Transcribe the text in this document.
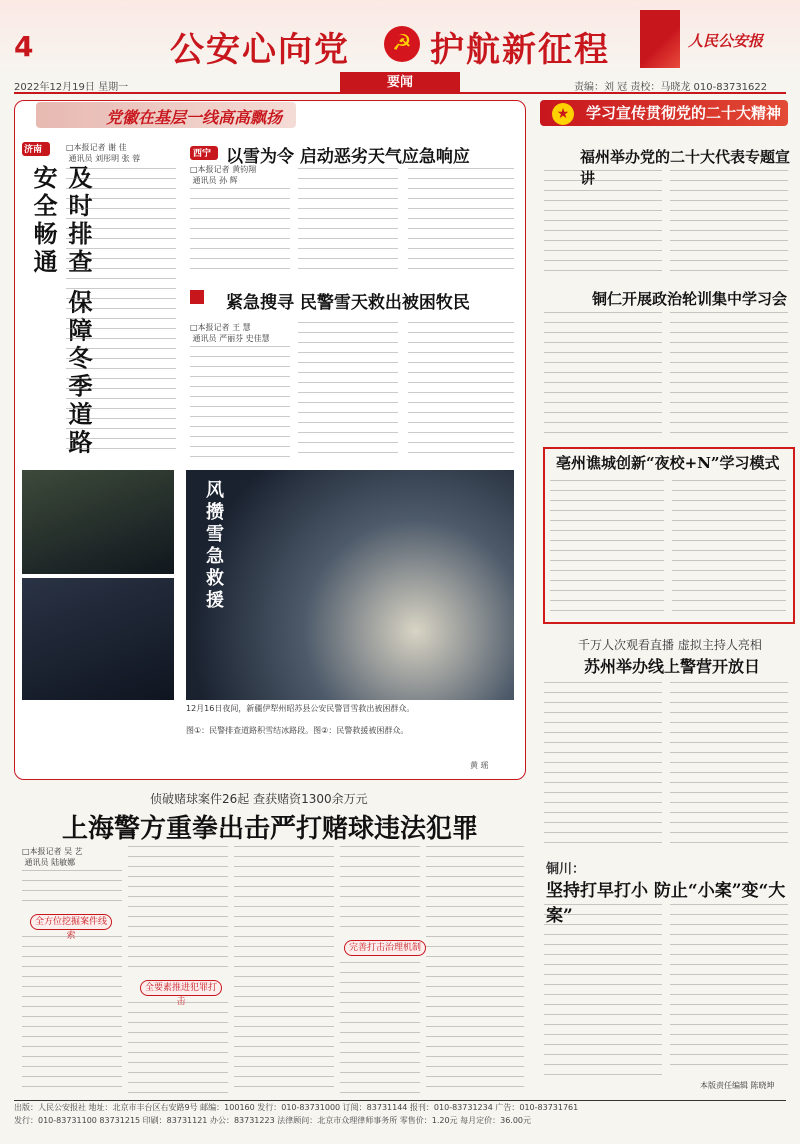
4	公安心向党	☭ 护航新征程	人民公安报
2022年12月19日 星期一	责编：刘 冠 责校：马晓龙 010-83731622
要闻
党徽在基层一线高高飘扬
济南
及时排查 保障冬季道路安全畅通
□本报记者 谢 佳
通讯员 刘彤明 张 蓉	西宁 以雪为令 启动恶劣天气应急响应
□本报记者 黄钧翔
通讯员 孙 辉
紧急搜寻 民警雪天救出被困牧民
□本报记者 王 慧
通讯员 严丽芬 史佳慧
风攒雪急救援
12月16日夜间，新疆伊犁州昭苏县公安民警冒雪救出被困群众。
图①：民警排查道路积雪结冰路段。图②：民警救援被困群众。
黄 瑶
侦破赌球案件26起 查获赌资1300余万元
上海警方重拳出击严打赌球违法犯罪
□本报记者 吴 艺
通讯员 陆敏娜
全方位挖掘案件线索
全要素推进犯罪打击
完善打击治理机制
学习宣传贯彻党的二十大精神
★
福州举办党的二十大代表专题宣讲
铜仁开展政治轮训集中学习会
亳州谯城创新“夜校+N”学习模式
千万人次观看直播 虚拟主持人亮相
苏州举办线上警营开放日
铜川：
坚持打早打小 防止“小案”变“大案”
本版责任编辑 陈晓坤
出版：人民公安报社 地址：北京市丰台区右安路9号 邮编：100160 发行：010-83731000 订阅：83731144 报刊：010-83731234 广告：010-83731761
发行：010-83731100 83731215 印刷：83731121 办公：83731223 法律顾问：北京市众理律师事务所 零售价：1.20元 每月定价：36.00元
